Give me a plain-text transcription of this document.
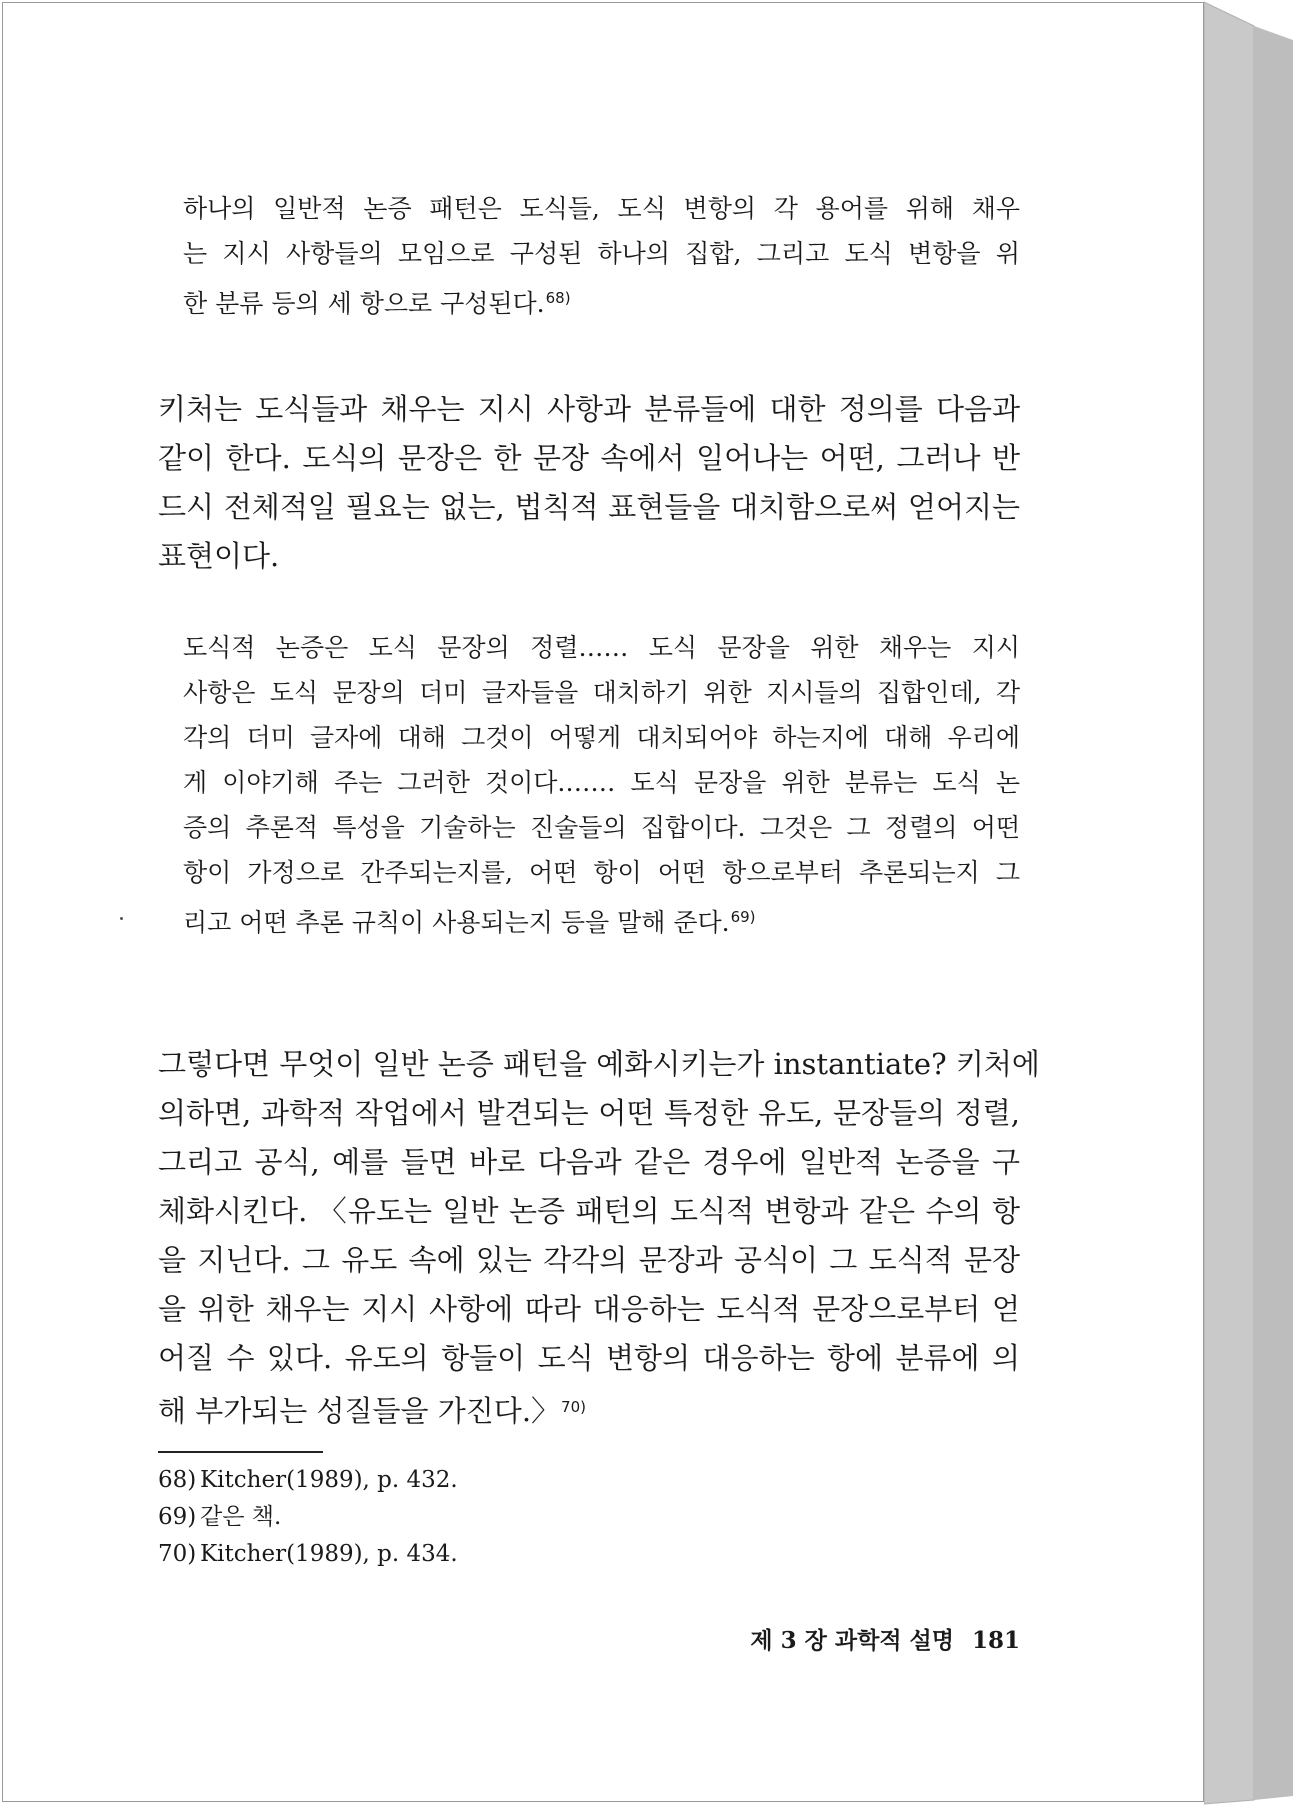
하나의 일반적 논증 패턴은 도식들, 도식 변항의 각 용어를 위해 채우
는 지시 사항들의 모임으로 구성된 하나의 집합, 그리고 도식 변항을 위
한 분류 등의 세 항으로 구성된다.$^{68)}$
키처는 도식들과 채우는 지시 사항과 분류들에 대한 정의를 다음과
같이 한다. 도식의 문장은 한 문장 속에서 일어나는 어떤, 그러나 반
드시 전체적일 필요는 없는, 법칙적 표현들을 대치함으로써 얻어지는
표현이다.
도식적 논증은 도식 문장의 정렬…… 도식 문장을 위한 채우는 지시
사항은 도식 문장의 더미 글자들을 대치하기 위한 지시들의 집합인데, 각
각의 더미 글자에 대해 그것이 어떻게 대치되어야 하는지에 대해 우리에
게 이야기해 주는 그러한 것이다.…… 도식 문장을 위한 분류는 도식 논
증의 추론적 특성을 기술하는 진술들의 집합이다. 그것은 그 정렬의 어떤
항이 가정으로 간주되는지를, 어떤 항이 어떤 항으로부터 추론되는지 그
리고 어떤 추론 규칙이 사용되는지 등을 말해 준다.$^{69)}$
그렇다면 무엇이 일반 논증 패턴을 예화시키는가 instantiate? 키처에
의하면, 과학적 작업에서 발견되는 어떤 특정한 유도, 문장들의 정렬,
그리고 공식, 예를 들면 바로 다음과 같은 경우에 일반적 논증을 구
체화시킨다. 〈유도는 일반 논증 패턴의 도식적 변항과 같은 수의 항
을 지닌다. 그 유도 속에 있는 각각의 문장과 공식이 그 도식적 문장
을 위한 채우는 지시 사항에 따라 대응하는 도식적 문장으로부터 얻
어질 수 있다. 유도의 항들이 도식 변항의 대응하는 항에 분류에 의
해 부가되는 성질들을 가진다.〉$^{70)}$
68) Kitcher(1989), p. 432.
69) 같은 책.
70) Kitcher(1989), p. 434.
제 3 장 과학적 설명 181
